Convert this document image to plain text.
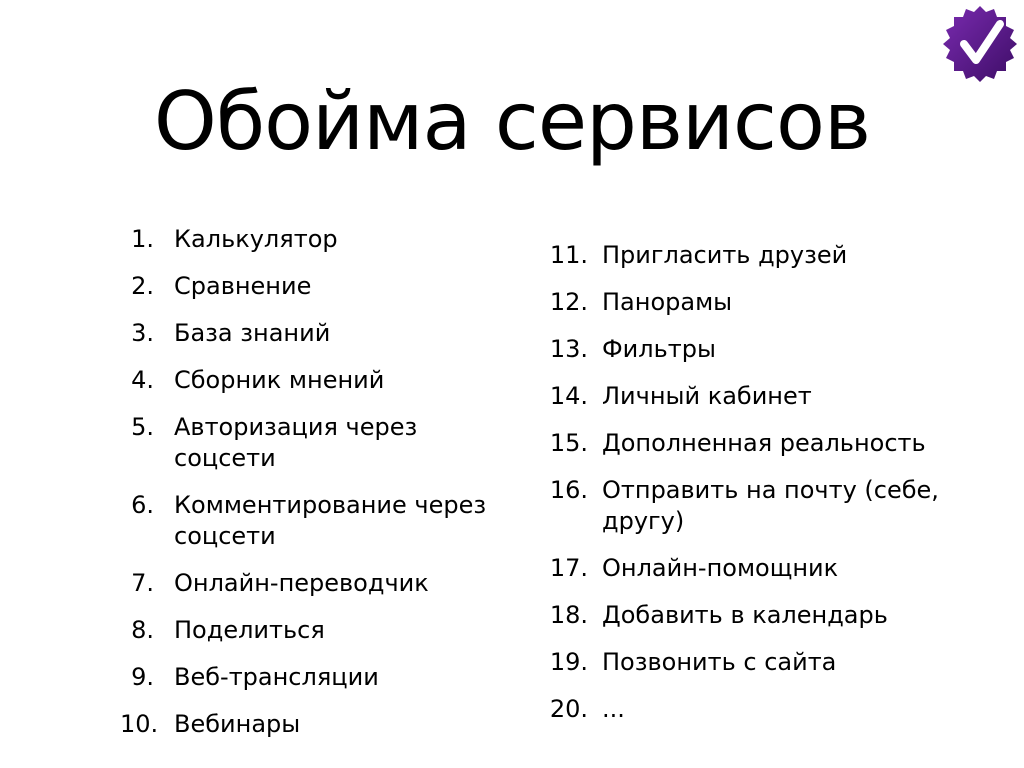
Обойма сервисов
1. Калькулятор
2. Сравнение
3. База знаний
4. Сборник мнений
5. Авторизация через соцсети
6. Комментирование через соцсети
7. Онлайн-переводчик
8. Поделиться
9. Веб-трансляции
10. Вебинары
11. Пригласить друзей
12. Панорамы
13. Фильтры
14. Личный кабинет
15. Дополненная реальность
16. Отправить на почту (себе, другу)
17. Онлайн-помощник
18. Добавить в календарь
19. Позвонить с сайта
20. ...
